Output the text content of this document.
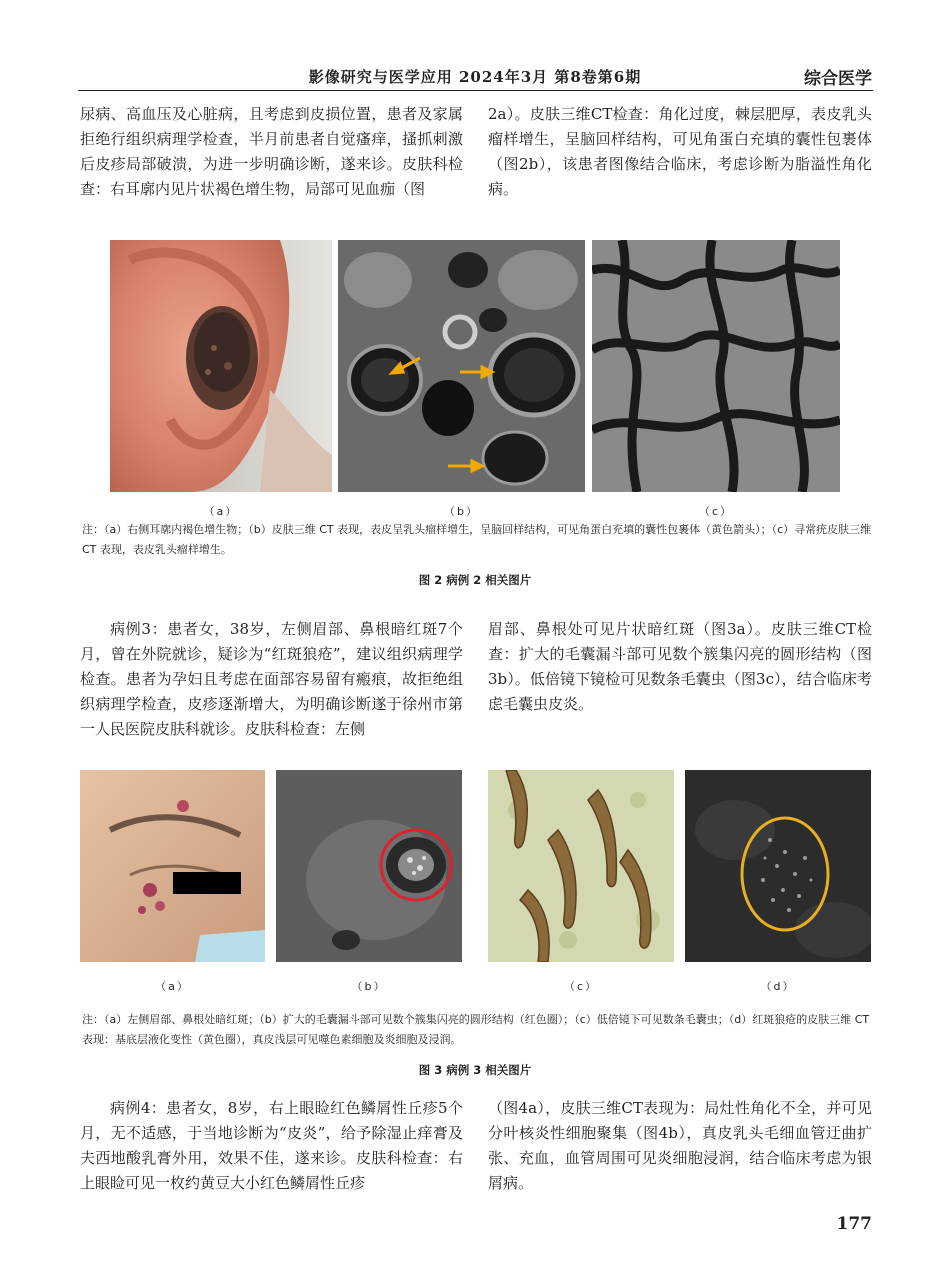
影像研究与医学应用 2024年3月 第8卷第6期	综合医学

尿病、高血压及心脏病，且考虑到皮损位置，患者及家属拒绝行组织病理学检查，半月前患者自觉瘙痒，搔抓刺激后皮疹局部破溃，为进一步明确诊断，遂来诊。皮肤科检查：右耳廓内见片状褐色增生物，局部可见血痂（图

2a）。皮肤三维CT检查：角化过度，棘层肥厚，表皮乳头瘤样增生，呈脑回样结构，可见角蛋白充填的囊性包裹体（图2b），该患者图像结合临床，考虑诊断为脂溢性角化病。

（a）	（b）	（c）
注：（a）右侧耳廓内褐色增生物；（b）皮肤三维 CT 表现，表皮呈乳头瘤样增生，呈脑回样结构，可见角蛋白充填的囊性包裹体（黄色箭头）；（c）寻常疣皮肤三维 CT 表现，表皮乳头瘤样增生。
图 2 病例 2 相关图片

病例3：患者女，38岁，左侧眉部、鼻根暗红斑7个月，曾在外院就诊，疑诊为“红斑狼疮”，建议组织病理学检查。患者为孕妇且考虑在面部容易留有瘢痕，故拒绝组织病理学检查，皮疹逐渐增大，为明确诊断遂于徐州市第一人民医院皮肤科就诊。皮肤科检查：左侧

眉部、鼻根处可见片状暗红斑（图3a）。皮肤三维CT检查：扩大的毛囊漏斗部可见数个簇集闪亮的圆形结构（图3b）。低倍镜下镜检可见数条毛囊虫（图3c），结合临床考虑毛囊虫皮炎。

（a）	（b）	（c）	（d）
注：（a）左侧眉部、鼻根处暗红斑；（b）扩大的毛囊漏斗部可见数个簇集闪亮的圆形结构（红色圈）；（c）低倍镜下可见数条毛囊虫；（d）红斑狼疮的皮肤三维 CT 表现：基底层液化变性（黄色圈），真皮浅层可见噬色素细胞及炎细胞及浸润。
图 3 病例 3 相关图片

病例4：患者女，8岁，右上眼睑红色鳞屑性丘疹5个月，无不适感，于当地诊断为“皮炎”，给予除湿止痒膏及夫西地酸乳膏外用，效果不佳，遂来诊。皮肤科检查：右上眼睑可见一枚约黄豆大小红色鳞屑性丘疹

（图4a），皮肤三维CT表现为：局灶性角化不全，并可见分叶核炎性细胞聚集（图4b），真皮乳头毛细血管迂曲扩张、充血，血管周围可见炎细胞浸润，结合临床考虑为银屑病。

177
